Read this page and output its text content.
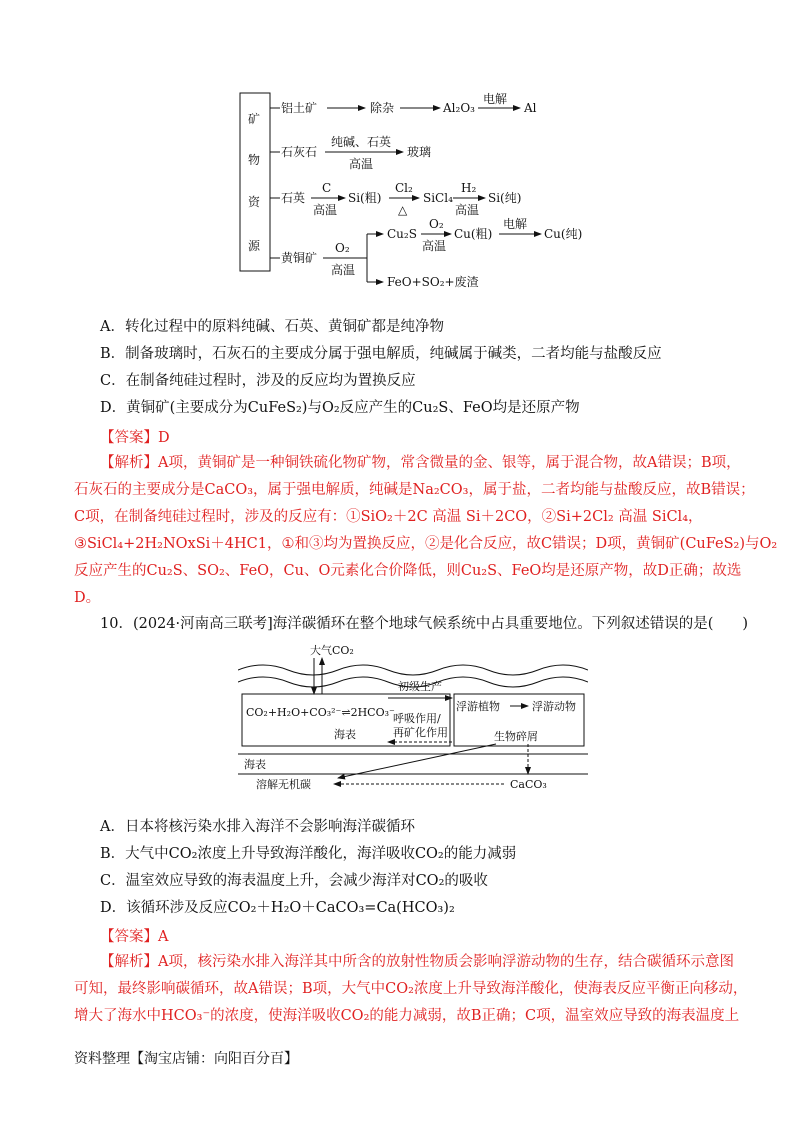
矿
物
资
源
铝土矿	除杂	Al₂O₃
电解
Al
石灰石
纯碱、石英
高温
玻璃
石英
C
高温
Si(粗)
Cl₂
△
SiCl₄
H₂
高温
Si(纯)
黄铜矿
O₂
高温
Cu₂S
O₂
高温
Cu(粗)
电解
Cu(纯)
FeO+SO₂+废渣
A．转化过程中的原料纯碱、石英、黄铜矿都是纯净物
B．制备玻璃时，石灰石的主要成分属于强电解质，纯碱属于碱类，二者均能与盐酸反应
C．在制备纯硅过程时，涉及的反应均为置换反应
D．黄铜矿(主要成分为CuFeS₂)与O₂反应产生的Cu₂S、FeO均是还原产物
【答案】D
【解析】A项，黄铜矿是一种铜铁硫化物矿物，常含微量的金、银等，属于混合物，故A错误；B项，
石灰石的主要成分是CaCO₃，属于强电解质，纯碱是Na₂CO₃，属于盐，二者均能与盐酸反应，故B错误；
C项，在制备纯硅过程时，涉及的反应有：①SiO₂＋2C 高温 Si＋2CO，②Si+2Cl₂ 高温 SiCl₄，
③SiCl₄+2H₂NOxSi＋4HC1，①和③均为置换反应，②是化合反应，故C错误；D项，黄铜矿(CuFeS₂)与O₂
反应产生的Cu₂S、SO₂、FeO，Cu、O元素化合价降低，则Cu₂S、FeO均是还原产物，故D正确；故选
D。
10．(2024·河南高三联考]海洋碳循环在整个地球气候系统中占具重要地位。下列叙述错误的是(　　)
大气CO₂
CO₂+H₂O+CO₃²⁻⇌2HCO₃⁻
海表
初级生产
呼吸作用/
再矿化作用
浮游植物	浮游动物
生物碎屑
海表
溶解无机碳	CaCO₃
A．日本将核污染水排入海洋不会影响海洋碳循环
B．大气中CO₂浓度上升导致海洋酸化，海洋吸收CO₂的能力减弱
C．温室效应导致的海表温度上升，会减少海洋对CO₂的吸收
D．该循环涉及反应CO₂＋H₂O＋CaCO₃=Ca(HCO₃)₂
【答案】A
【解析】A项，核污染水排入海洋其中所含的放射性物质会影响浮游动物的生存，结合碳循环示意图
可知，最终影响碳循环，故A错误；B项，大气中CO₂浓度上升导致海洋酸化，使海表反应平衡正向移动，
增大了海水中HCO₃⁻的浓度，使海洋吸收CO₂的能力减弱，故B正确；C项，温室效应导致的海表温度上
资料整理【淘宝店铺：向阳百分百】
